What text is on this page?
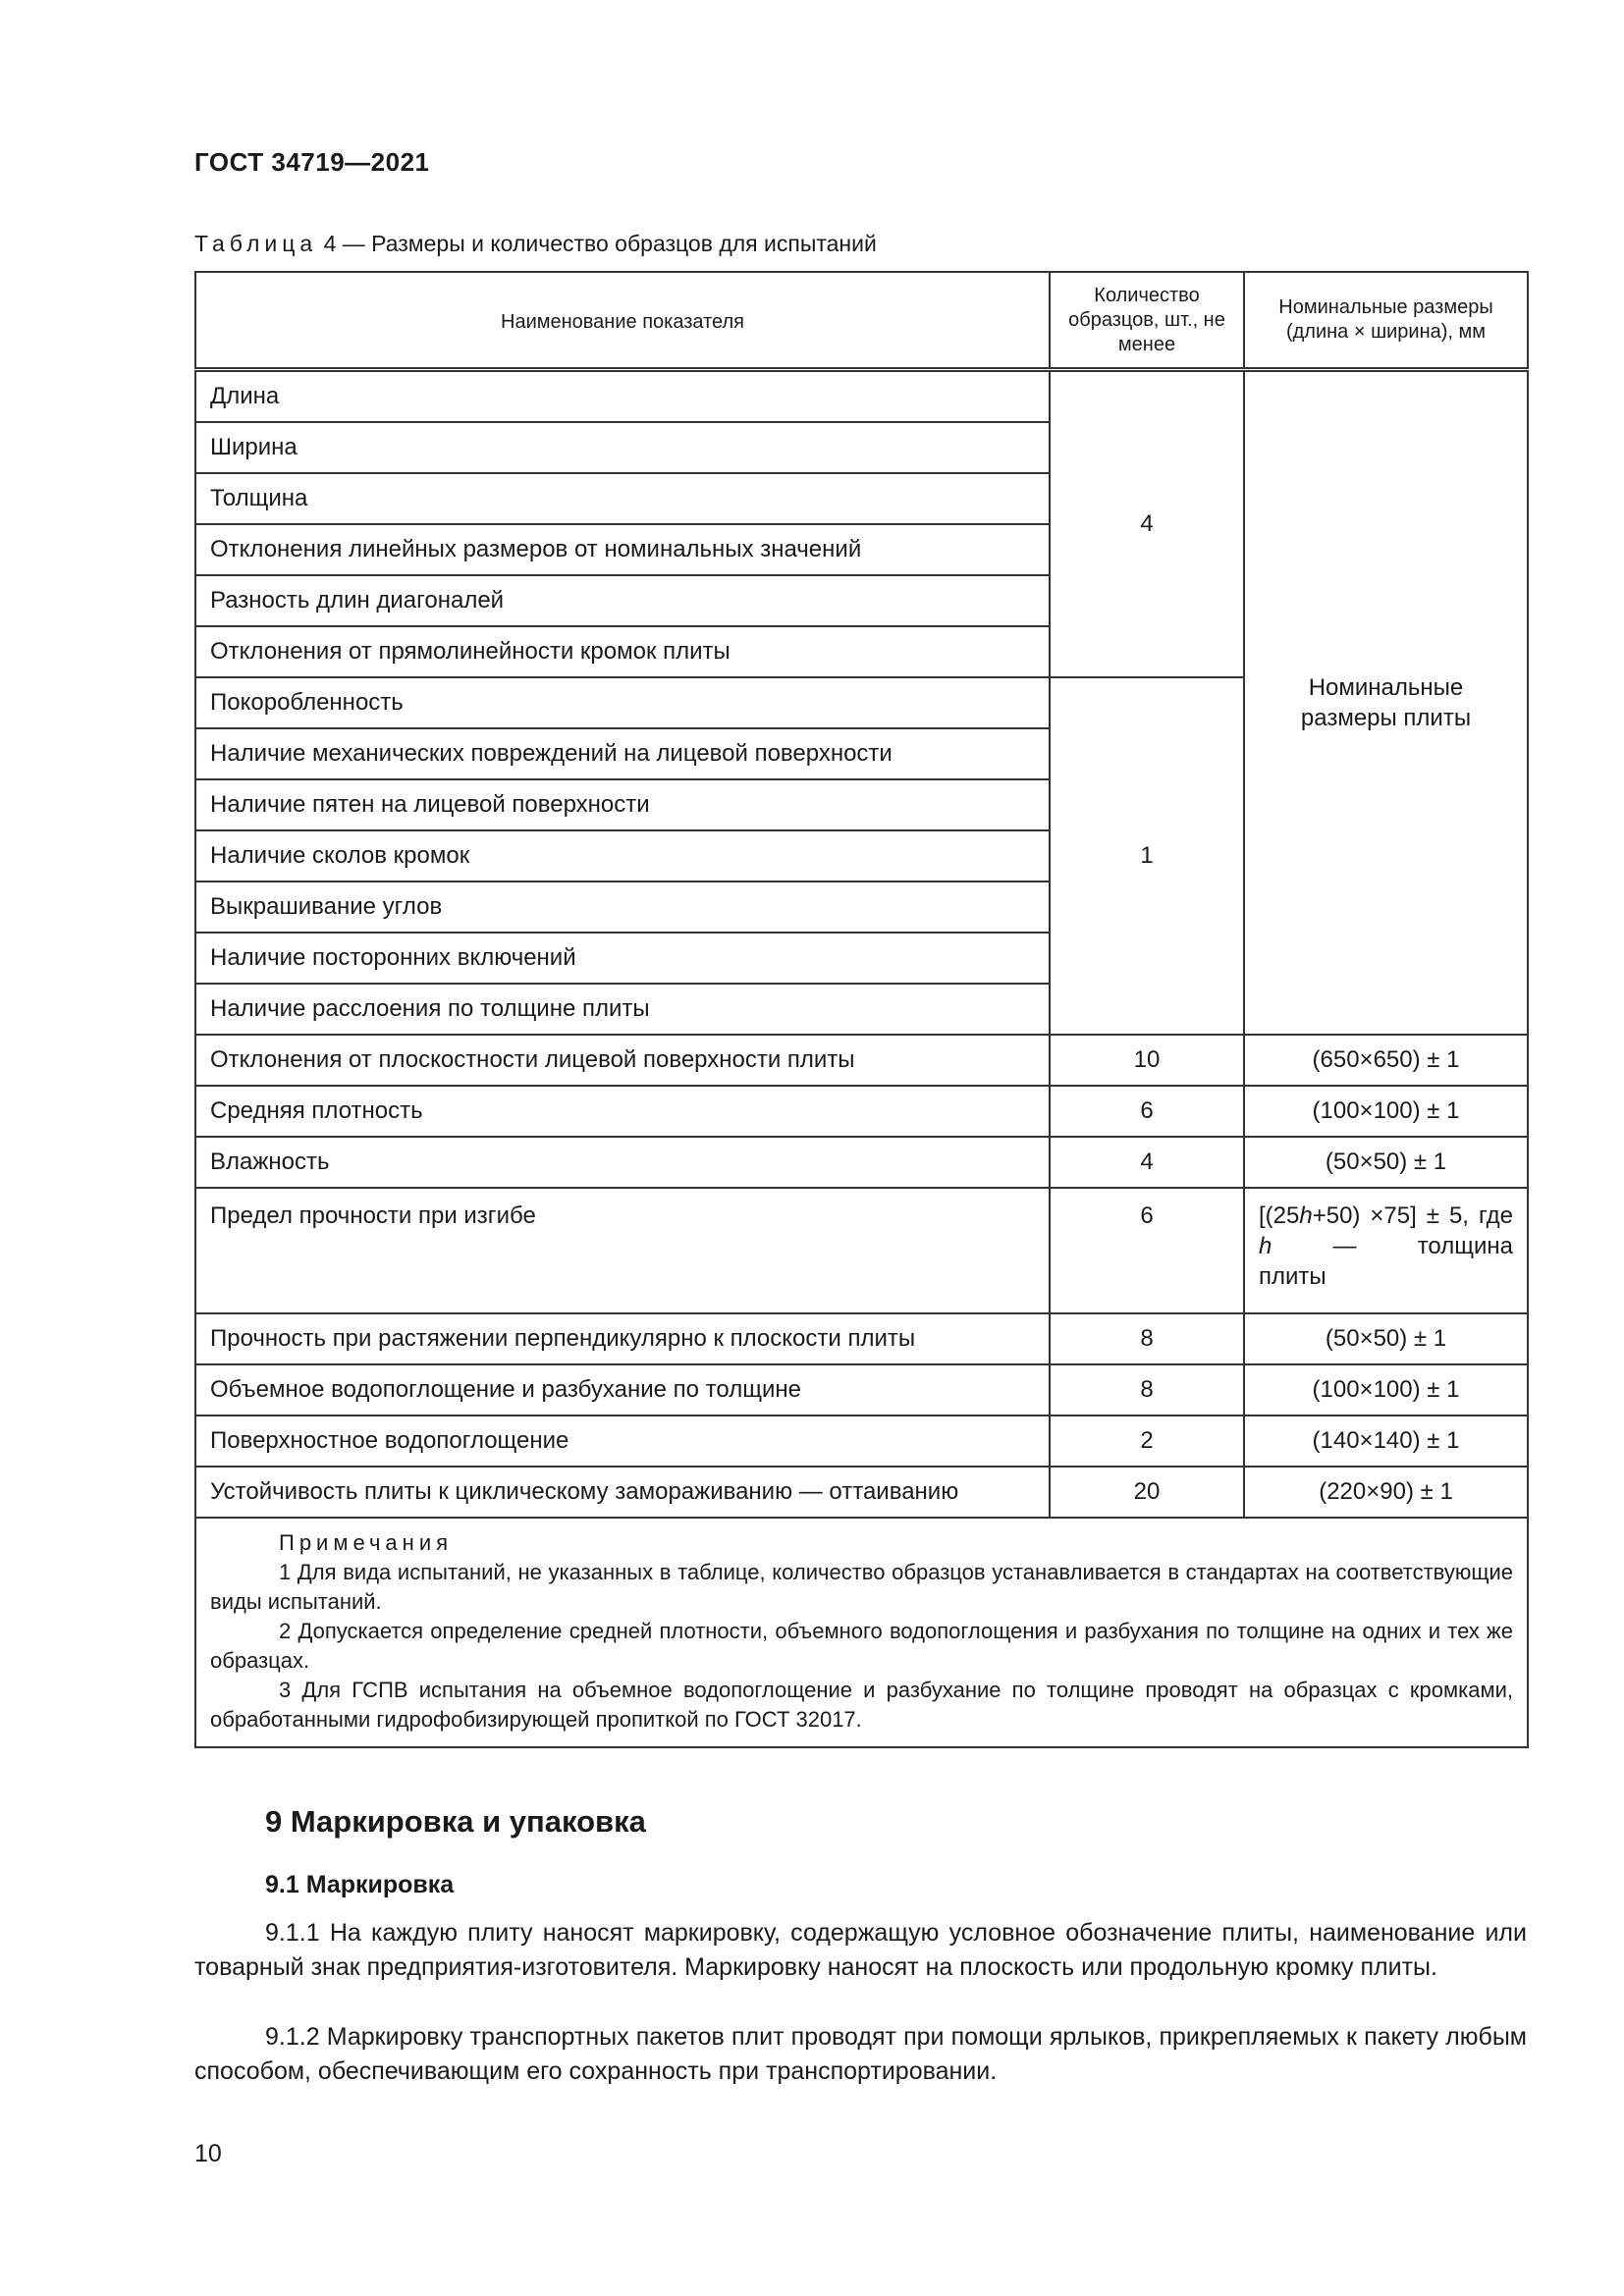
ГОСТ 34719—2021
Таблица 4 — Размеры и количество образцов для испытаний
Наименование показателя	Количество образцов, шт., не менее	Номинальные размеры (длина × ширина), мм
Длина	4	Номинальные размеры плиты
Ширина		
Толщина		
Отклонения линейных размеров от номинальных значений		
Разность длин диагоналей		
Отклонения от прямолинейности кромок плиты		
Покоробленность	1	
Наличие механических повреждений на лицевой поверхности		
Наличие пятен на лицевой поверхности		
Наличие сколов кромок		
Выкрашивание углов		
Наличие посторонних включений		
Наличие расслоения по толщине плиты		
Отклонения от плоскостности лицевой поверхности плиты	10	(650×650) ± 1
Средняя плотность	6	(100×100) ± 1
Влажность	4	(50×50) ± 1
Предел прочности при изгибе	6	[(25h+50) ×75] ± 5, где h — толщина
плиты

Прочность при растяжении перпендикулярно к плоскости плиты	8	(50×50) ± 1
Объемное водопоглощение и разбухание по толщине	8	(100×100) ± 1
Поверхностное водопоглощение	2	(140×140) ± 1
Устойчивость плиты к циклическому замораживанию — оттаиванию	20	(220×90) ± 1

Примечания
1 Для вида испытаний, не указанных в таблице, количество образцов устанавливается в стандартах на соответствующие виды испытаний.
2 Допускается определение средней плотности, объемного водопоглощения и разбухания по толщине на одних и тех же образцах.
3 Для ГСПВ испытания на объемное водопоглощение и разбухание по толщине проводят на образцах с кромками, обработанными гидрофобизирующей пропиткой по ГОСТ 32017.		
9 Маркировка и упаковка
9.1 Маркировка
9.1.1 На каждую плиту наносят маркировку, содержащую условное обозначение плиты, наименование или товарный знак предприятия-изготовителя. Маркировку наносят на плоскость или продольную кромку плиты.
9.1.2 Маркировку транспортных пакетов плит проводят при помощи ярлыков, прикрепляемых к пакету любым способом, обеспечивающим его сохранность при транспортировании.
10
